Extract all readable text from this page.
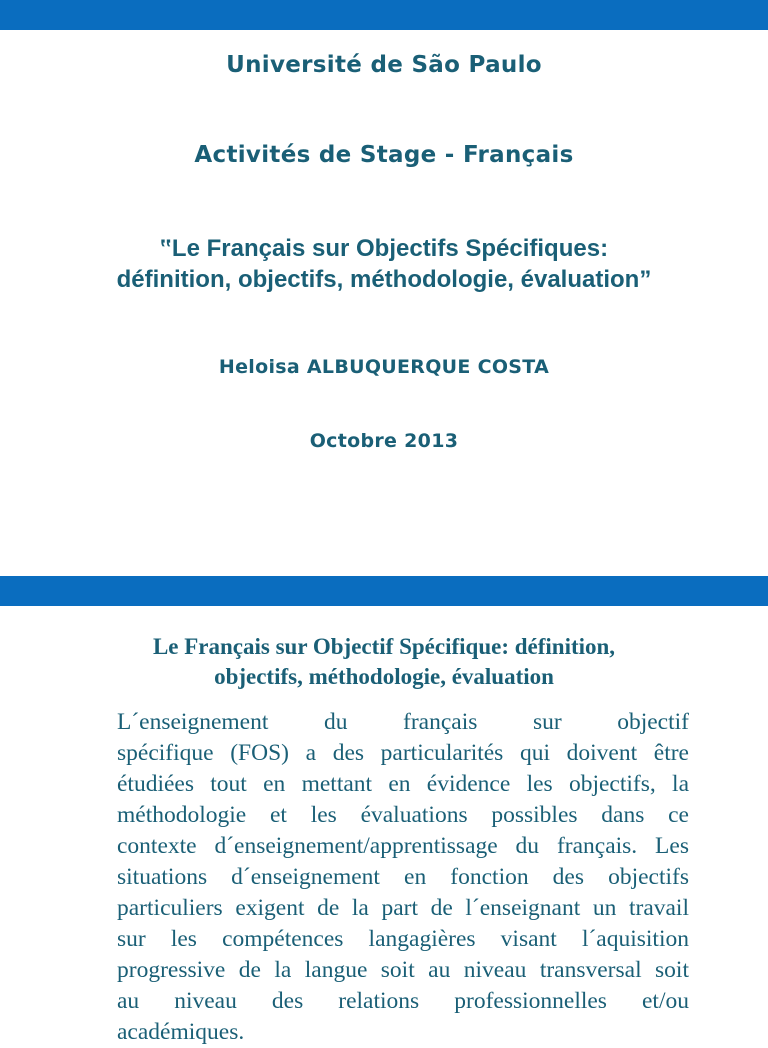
Université de São Paulo
Activités de Stage - Français
‟Le Français sur Objectifs Spécifiques:
définition, objectifs, méthodologie, évaluation”
Heloisa ALBUQUERQUE COSTA
Octobre 2013
Le Français sur Objectif Spécifique: définition,
objectifs, méthodologie, évaluation
L´enseignement du français sur objectif
spécifique (FOS) a des particularités qui doivent être
étudiées tout en mettant en évidence les objectifs, la
méthodologie et les évaluations possibles dans ce
contexte d´enseignement/apprentissage du français. Les
situations d´enseignement en fonction des objectifs
particuliers exigent de la part de l´enseignant un travail
sur les compétences langagières visant l´aquisition
progressive de la langue soit au niveau transversal soit
au niveau des relations professionnelles et/ou
académiques.
